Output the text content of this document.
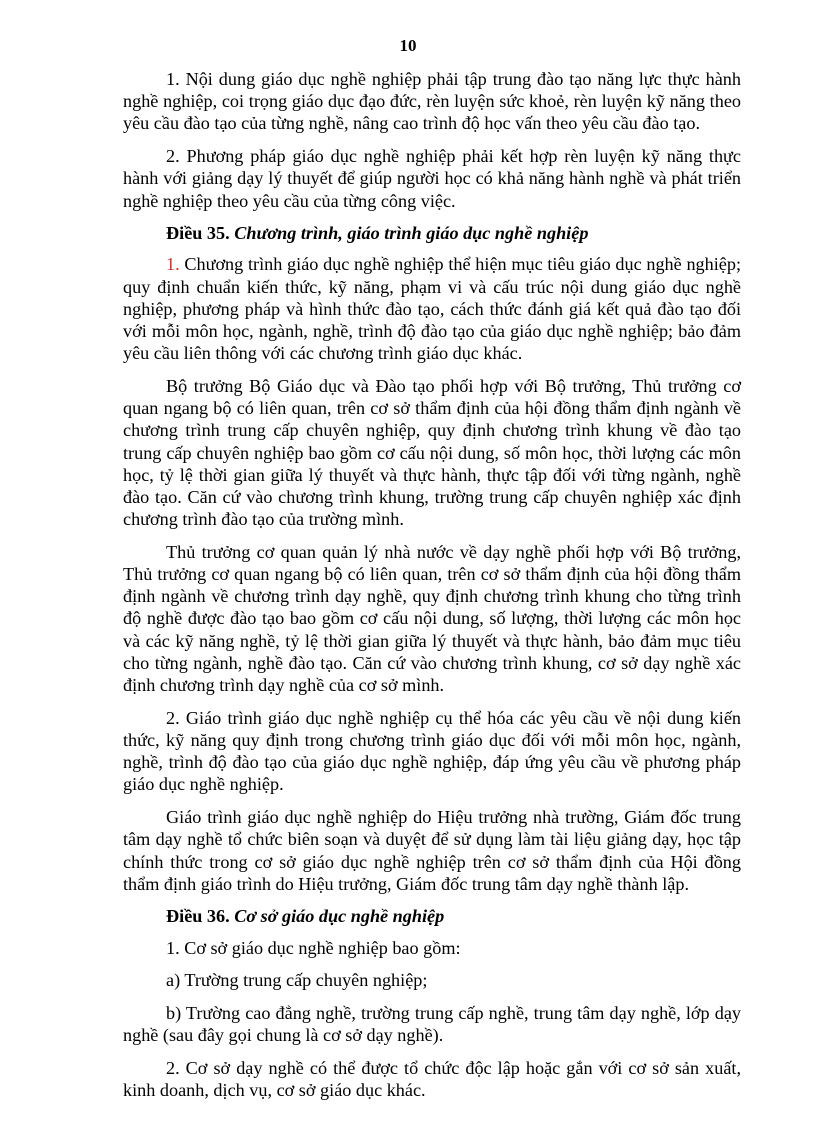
10

1. Nội dung giáo dục nghề nghiệp phải tập trung đào tạo năng lực thực hành nghề nghiệp, coi trọng giáo dục đạo đức, rèn luyện sức khoẻ, rèn luyện kỹ năng theo yêu cầu đào tạo của từng nghề, nâng cao trình độ học vấn theo yêu cầu đào tạo.

2. Phương pháp giáo dục nghề nghiệp phải kết hợp rèn luyện kỹ năng thực hành với giảng dạy lý thuyết để giúp người học có khả năng hành nghề và phát triển nghề nghiệp theo yêu cầu của từng công việc.

Điều 35. Chương trình, giáo trình giáo dục nghề nghiệp

1. Chương trình giáo dục nghề nghiệp thể hiện mục tiêu giáo dục nghề nghiệp; quy định chuẩn kiến thức, kỹ năng, phạm vi và cấu trúc nội dung giáo dục nghề nghiệp, phương pháp và hình thức đào tạo, cách thức đánh giá kết quả đào tạo đối với mỗi môn học, ngành, nghề, trình độ đào tạo của giáo dục nghề nghiệp; bảo đảm yêu cầu liên thông với các chương trình giáo dục khác.

Bộ trưởng Bộ Giáo dục và Đào tạo phối hợp với Bộ trưởng, Thủ trưởng cơ quan ngang bộ có liên quan, trên cơ sở thẩm định của hội đồng thẩm định ngành về chương trình trung cấp chuyên nghiệp, quy định chương trình khung về đào tạo trung cấp chuyên nghiệp bao gồm cơ cấu nội dung, số môn học, thời lượng các môn học, tỷ lệ thời gian giữa lý thuyết và thực hành, thực tập đối với từng ngành, nghề đào tạo. Căn cứ vào chương trình khung, trường trung cấp chuyên nghiệp xác định chương trình đào tạo của trường mình.

Thủ trưởng cơ quan quản lý nhà nước về dạy nghề phối hợp với Bộ trưởng, Thủ trưởng cơ quan ngang bộ có liên quan, trên cơ sở thẩm định của hội đồng thẩm định ngành về chương trình dạy nghề, quy định chương trình khung cho từng trình độ nghề được đào tạo bao gồm cơ cấu nội dung, số lượng, thời lượng các môn học và các kỹ năng nghề, tỷ lệ thời gian giữa lý thuyết và thực hành, bảo đảm mục tiêu cho từng ngành, nghề đào tạo. Căn cứ vào chương trình khung, cơ sở dạy nghề xác định chương trình dạy nghề của cơ sở mình.

2. Giáo trình giáo dục nghề nghiệp cụ thể hóa các yêu cầu về nội dung kiến thức, kỹ năng quy định trong chương trình giáo dục đối với mỗi môn học, ngành, nghề, trình độ đào tạo của giáo dục nghề nghiệp, đáp ứng yêu cầu về phương pháp giáo dục nghề nghiệp.

Giáo trình giáo dục nghề nghiệp do Hiệu trưởng nhà trường, Giám đốc trung tâm dạy nghề tổ chức biên soạn và duyệt để sử dụng làm tài liệu giảng dạy, học tập chính thức trong cơ sở giáo dục nghề nghiệp trên cơ sở thẩm định của Hội đồng thẩm định giáo trình do Hiệu trưởng, Giám đốc trung tâm dạy nghề thành lập.

Điều 36. Cơ sở giáo dục nghề nghiệp

1. Cơ sở giáo dục nghề nghiệp bao gồm:

a) Trường trung cấp chuyên nghiệp;

b) Trường cao đẳng nghề, trường trung cấp nghề, trung tâm dạy nghề, lớp dạy nghề (sau đây gọi chung là cơ sở dạy nghề).

2. Cơ sở dạy nghề có thể được tổ chức độc lập hoặc gắn với cơ sở sản xuất, kinh doanh, dịch vụ, cơ sở giáo dục khác.
